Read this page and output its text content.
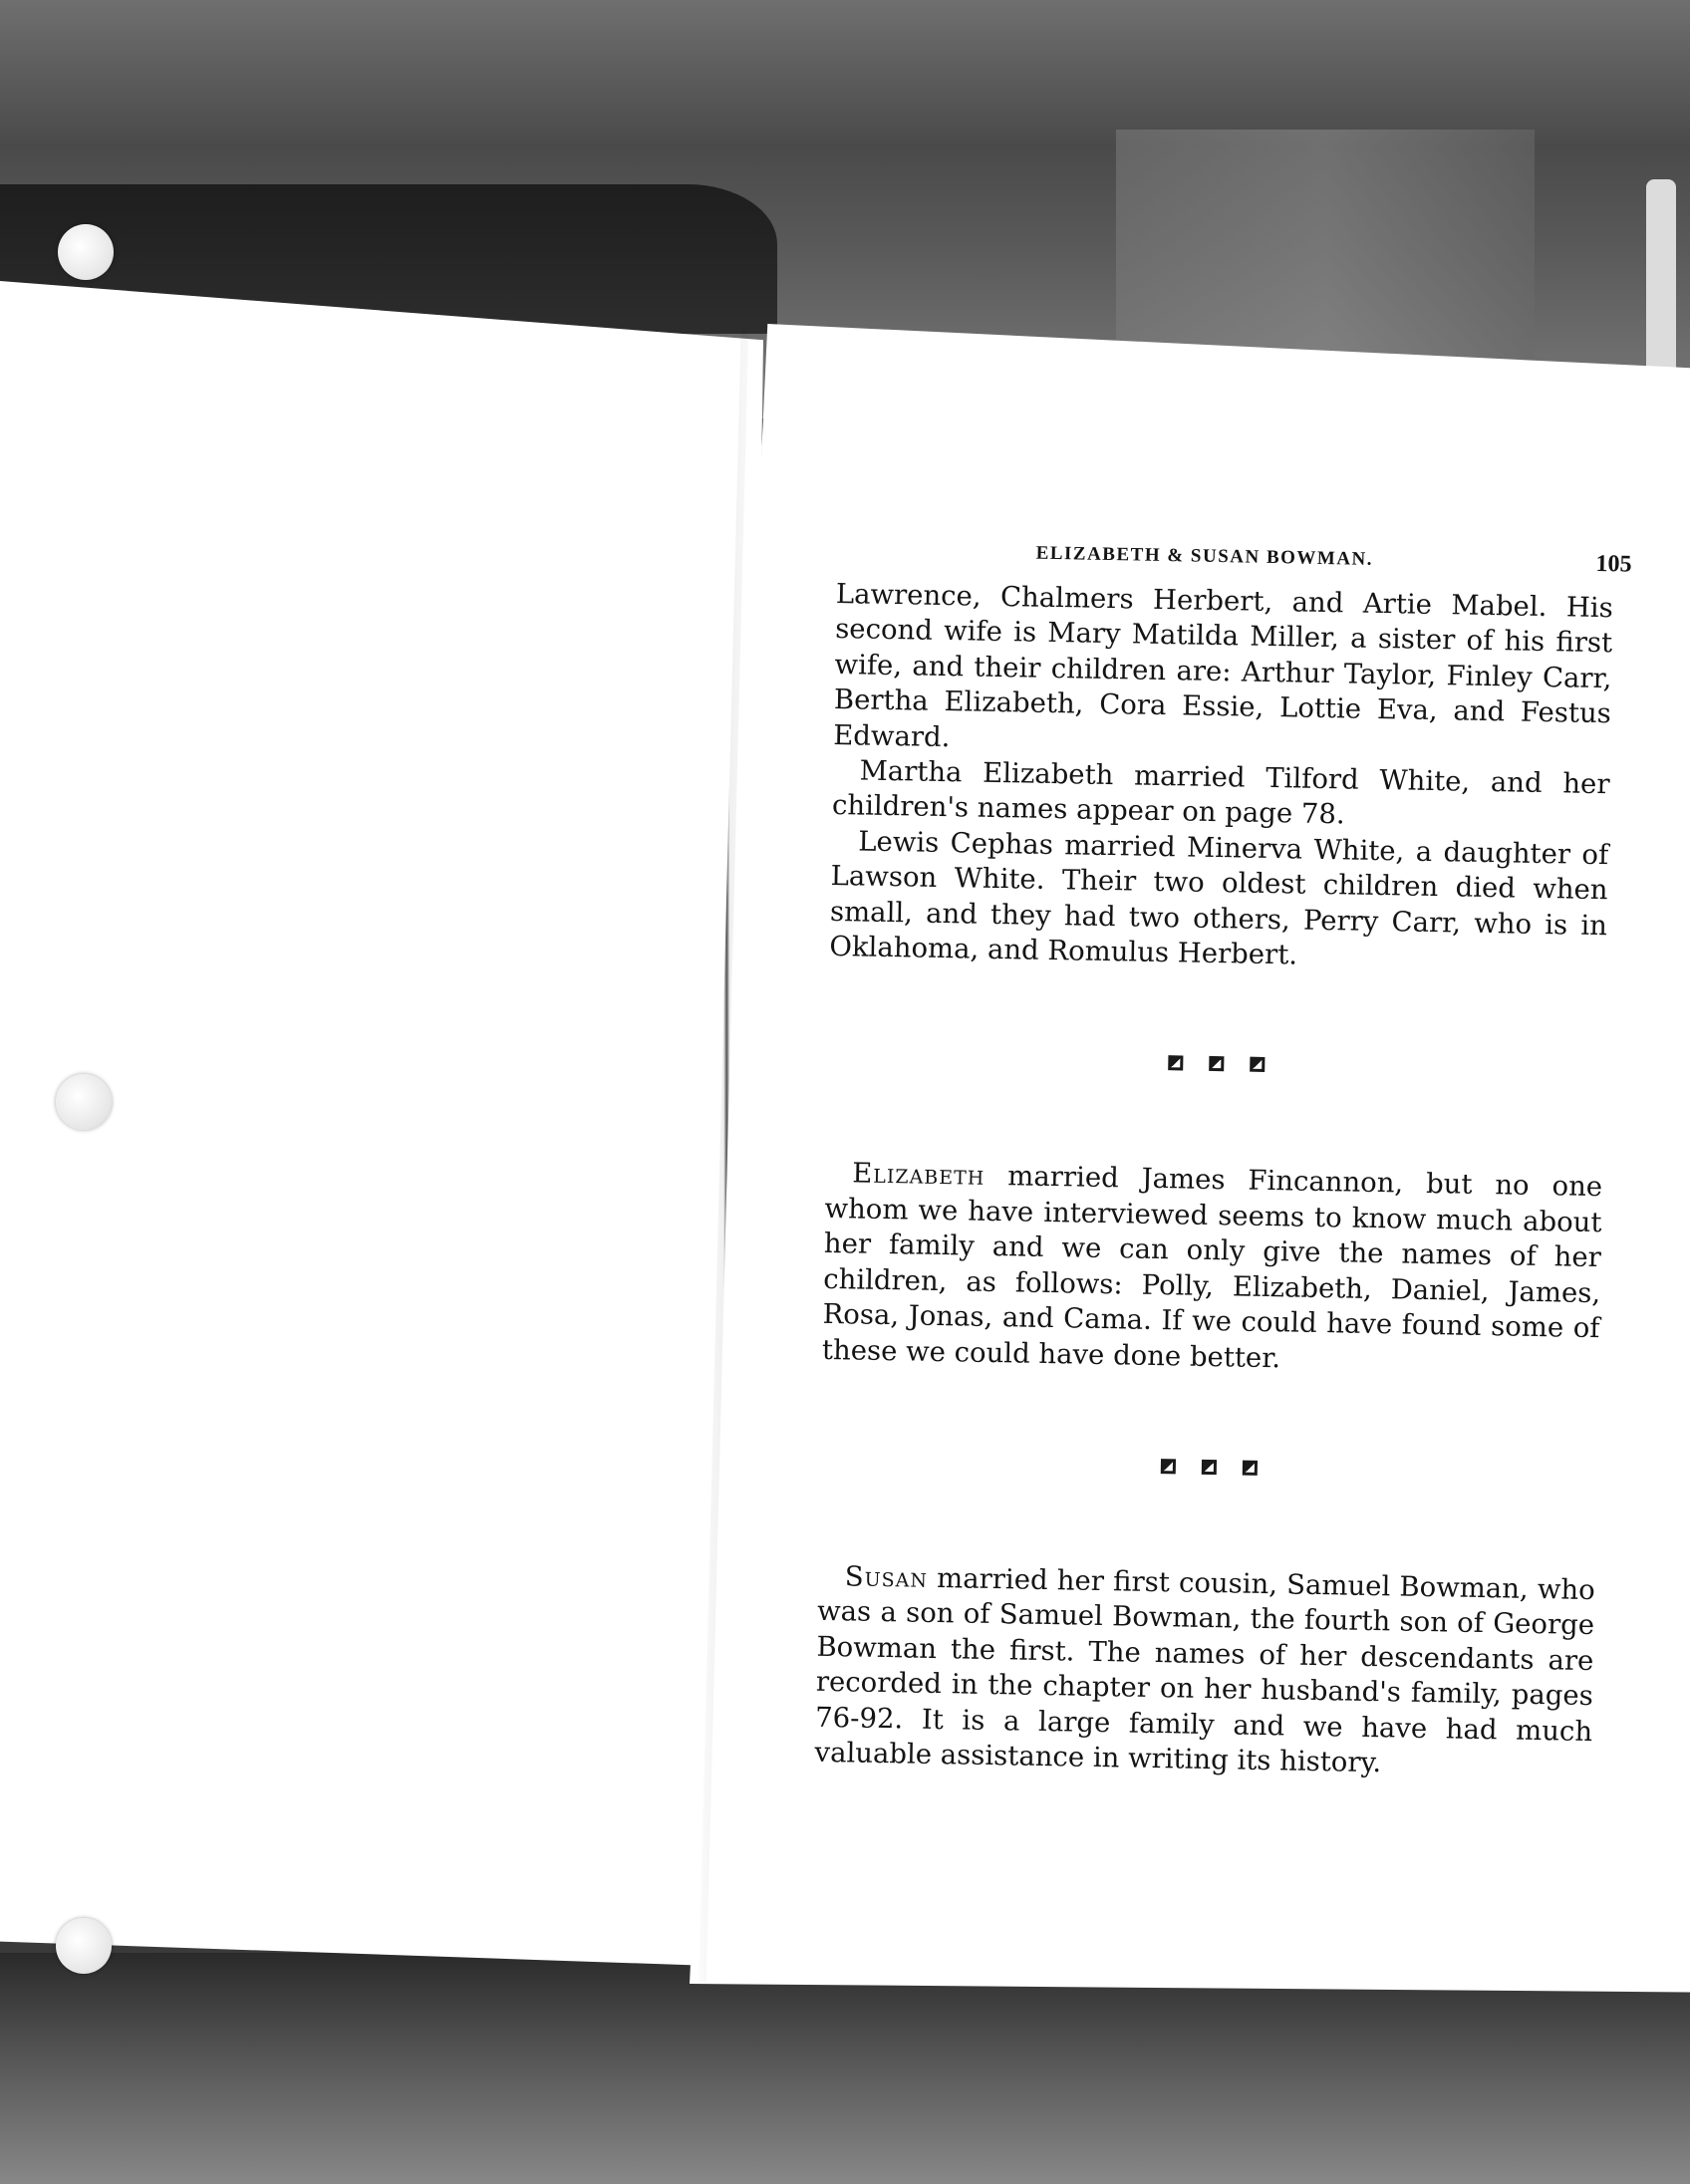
ELIZABETH & SUSAN BOWMAN.	105

Lawrence, Chalmers Herbert, and Artie Mabel. His second wife is Mary Matilda Miller, a sister of his first wife, and their children are: Arthur Taylor, Finley Carr, Bertha Elizabeth, Cora Essie, Lottie Eva, and Festus Edward.

Martha Elizabeth married Tilford White, and her children's names appear on page 78.

Lewis Cephas married Minerva White, a daughter of Lawson White. Their two oldest children died when small, and they had two others, Perry Carr, who is in Oklahoma, and Romulus Herbert.

Elizabeth married James Fincannon, but no one whom we have interviewed seems to know much about her family and we can only give the names of her children, as follows: Polly, Elizabeth, Daniel, James, Rosa, Jonas, and Cama. If we could have found some of these we could have done better.

Susan married her first cousin, Samuel Bowman, who was a son of Samuel Bowman, the fourth son of George Bowman the first. The names of her descendants are recorded in the chapter on her husband's family, pages 76-92. It is a large family and we have had much valuable assistance in writing its history.
